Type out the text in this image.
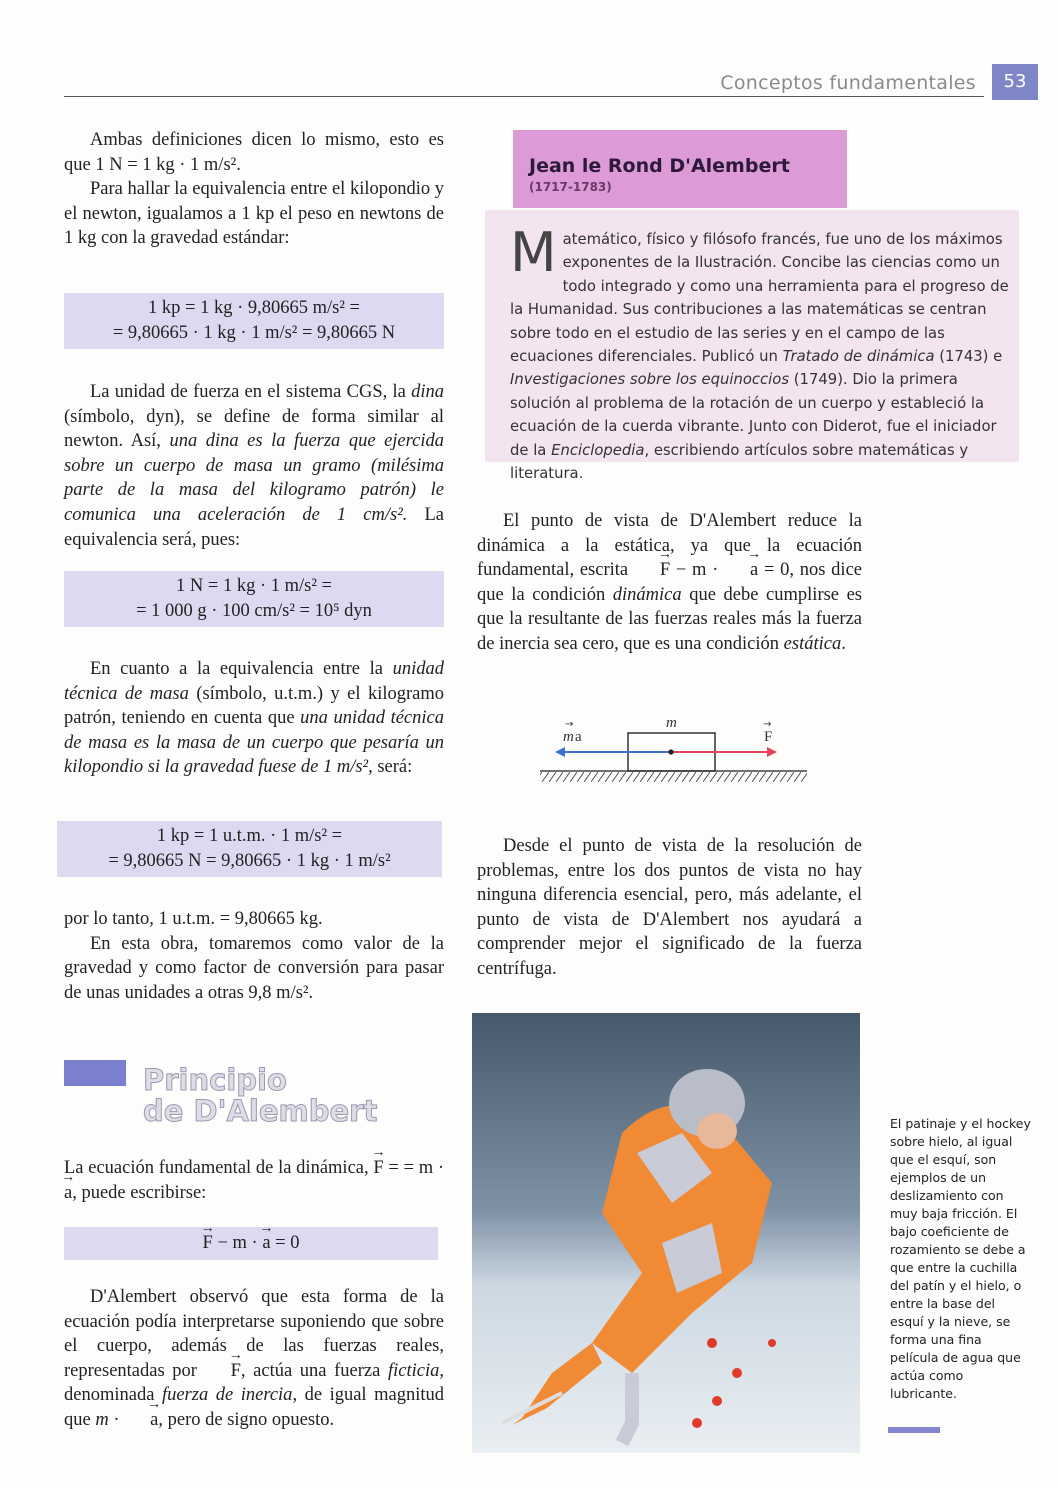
Conceptos fundamentales	53

Ambas definiciones dicen lo mismo, esto es que 1 N = 1 kg · 1 m/s².

Para hallar la equivalencia entre el kilopondio y el newton, igualamos a 1 kp el peso en newtons de 1 kg con la gravedad estándar:

1 kp = 1 kg · 9,80665 m/s² =
= 9,80665 · 1 kg · 1 m/s² = 9,80665 N

La unidad de fuerza en el sistema CGS, la dina (símbolo, dyn), se define de forma similar al newton. Así, una dina es la fuerza que ejercida sobre un cuerpo de masa un gramo (milésima parte de la masa del kilogramo patrón) le comunica una aceleración de 1 cm/s². La equivalencia será, pues:

1 N = 1 kg · 1 m/s² =
= 1 000 g · 100 cm/s² = 10⁵ dyn

En cuanto a la equivalencia entre la unidad técnica de masa (símbolo, u.t.m.) y el kilogramo patrón, teniendo en cuenta que una unidad técnica de masa es la masa de un cuerpo que pesaría un kilopondio si la gravedad fuese de 1 m/s², será:

1 kp = 1 u.t.m. · 1 m/s² =
= 9,80665 N = 9,80665 · 1 kg · 1 m/s²

por lo tanto, 1 u.t.m. = 9,80665 kg.

En esta obra, tomaremos como valor de la gravedad y como factor de conversión para pasar de unas unidades a otras 9,8 m/s².

Principio
de D'Alembert

La ecuación fundamental de la dinámica, → F = = m · → a, puede escribirse:

→ F − m · → a = 0

D'Alembert observó que esta forma de la ecuación podía interpretarse suponiendo que sobre el cuerpo, además de las fuerzas reales, representadas por → F, actúa una fuerza ficticia, denominada fuerza de inercia, de igual magnitud que m · → a, pero de signo opuesto.

Jean le Rond D'Alembert
(1717-1783)

Matemático, físico y filósofo francés, fue uno de los máximos exponentes de la Ilustración. Concibe las ciencias como un todo integrado y como una herramienta para el progreso de la Humanidad. Sus contribuciones a las matemáticas se centran sobre todo en el estudio de las series y en el campo de las ecuaciones diferenciales. Publicó un Tratado de dinámica (1743) e Investigaciones sobre los equinoccios (1749). Dio la primera solución al problema de la rotación de un cuerpo y estableció la ecuación de la cuerda vibrante. Junto con Diderot, fue el iniciador de la Enciclopedia, escribiendo artículos sobre matemáticas y literatura.

El punto de vista de D'Alembert reduce la dinámica a la estática, ya que la ecuación fundamental, escrita → F − m · → a = 0, nos dice que la condición dinámica que debe cumplirse es que la resultante de las fuerzas reales más la fuerza de inercia sea cero, que es una condición estática.

m a
→	m
F
→

Desde el punto de vista de la resolución de problemas, entre los dos puntos de vista no hay ninguna diferencia esencial, pero, más adelante, el punto de vista de D'Alembert nos ayudará a comprender mejor el significado de la fuerza centrífuga.

El patinaje y el hockey sobre hielo, al igual que el esquí, son ejemplos de un deslizamiento con muy baja fricción. El bajo coeficiente de rozamiento se debe a que entre la cuchilla del patín y el hielo, o entre la base del esquí y la nieve, se forma una fina película de agua que actúa como lubricante.
